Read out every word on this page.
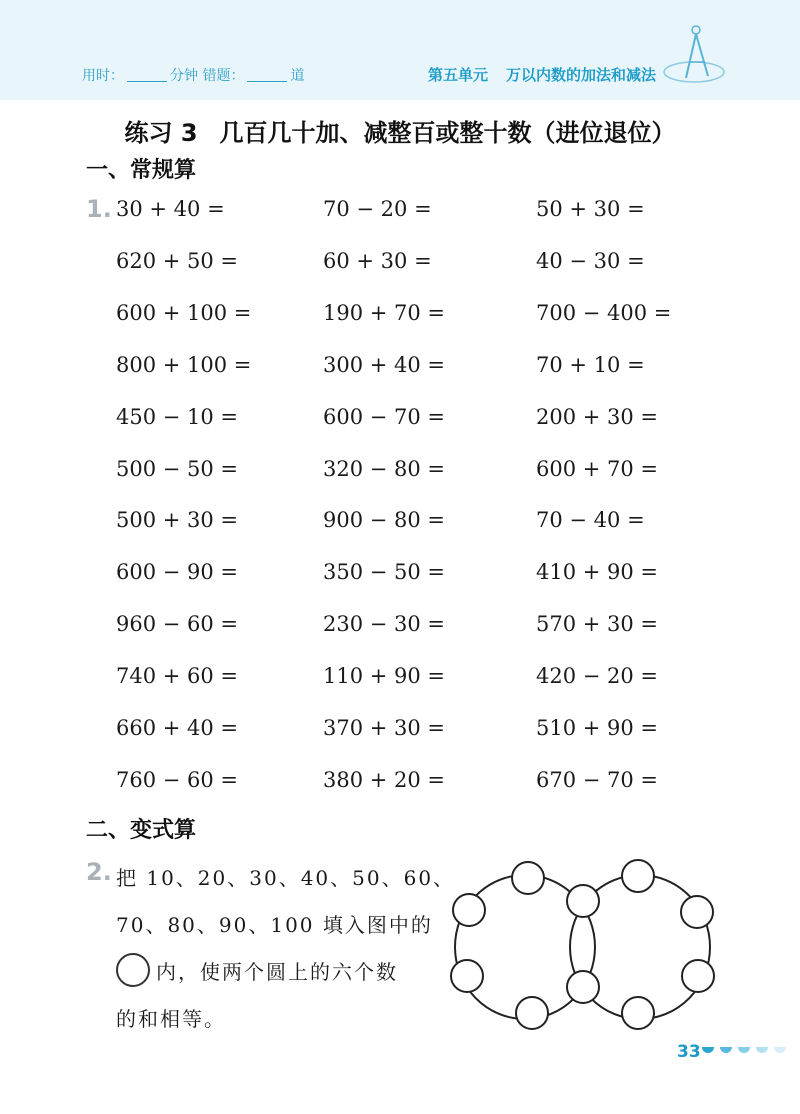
用时：	分钟 错题：	道	第五单元 万以内数的加法和减法
练习 3 几百几十加、减整百或整十数（进位退位）
一、常规算
1. 30 + 40 =	70 − 20 =	50 + 30 =
620 + 50 =	60 + 30 =	40 − 30 =
600 + 100 =	190 + 70 =	700 − 400 =
800 + 100 =	300 + 40 =	70 + 10 =
450 − 10 =	600 − 70 =	200 + 30 =
500 − 50 =	320 − 80 =	600 + 70 =
500 + 30 =	900 − 80 =	70 − 40 =
600 − 90 =	350 − 50 =	410 + 90 =
960 − 60 =	230 − 30 =	570 + 30 =
740 + 60 =	110 + 90 =	420 − 20 =
660 + 40 =	370 + 30 =	510 + 90 =
760 − 60 =	380 + 20 =	670 − 70 =
二、变式算
2. 把 10、20、30、40、50、60、
70、80、90、100 填入图中的
内，使两个圆上的六个数
的和相等。
33
